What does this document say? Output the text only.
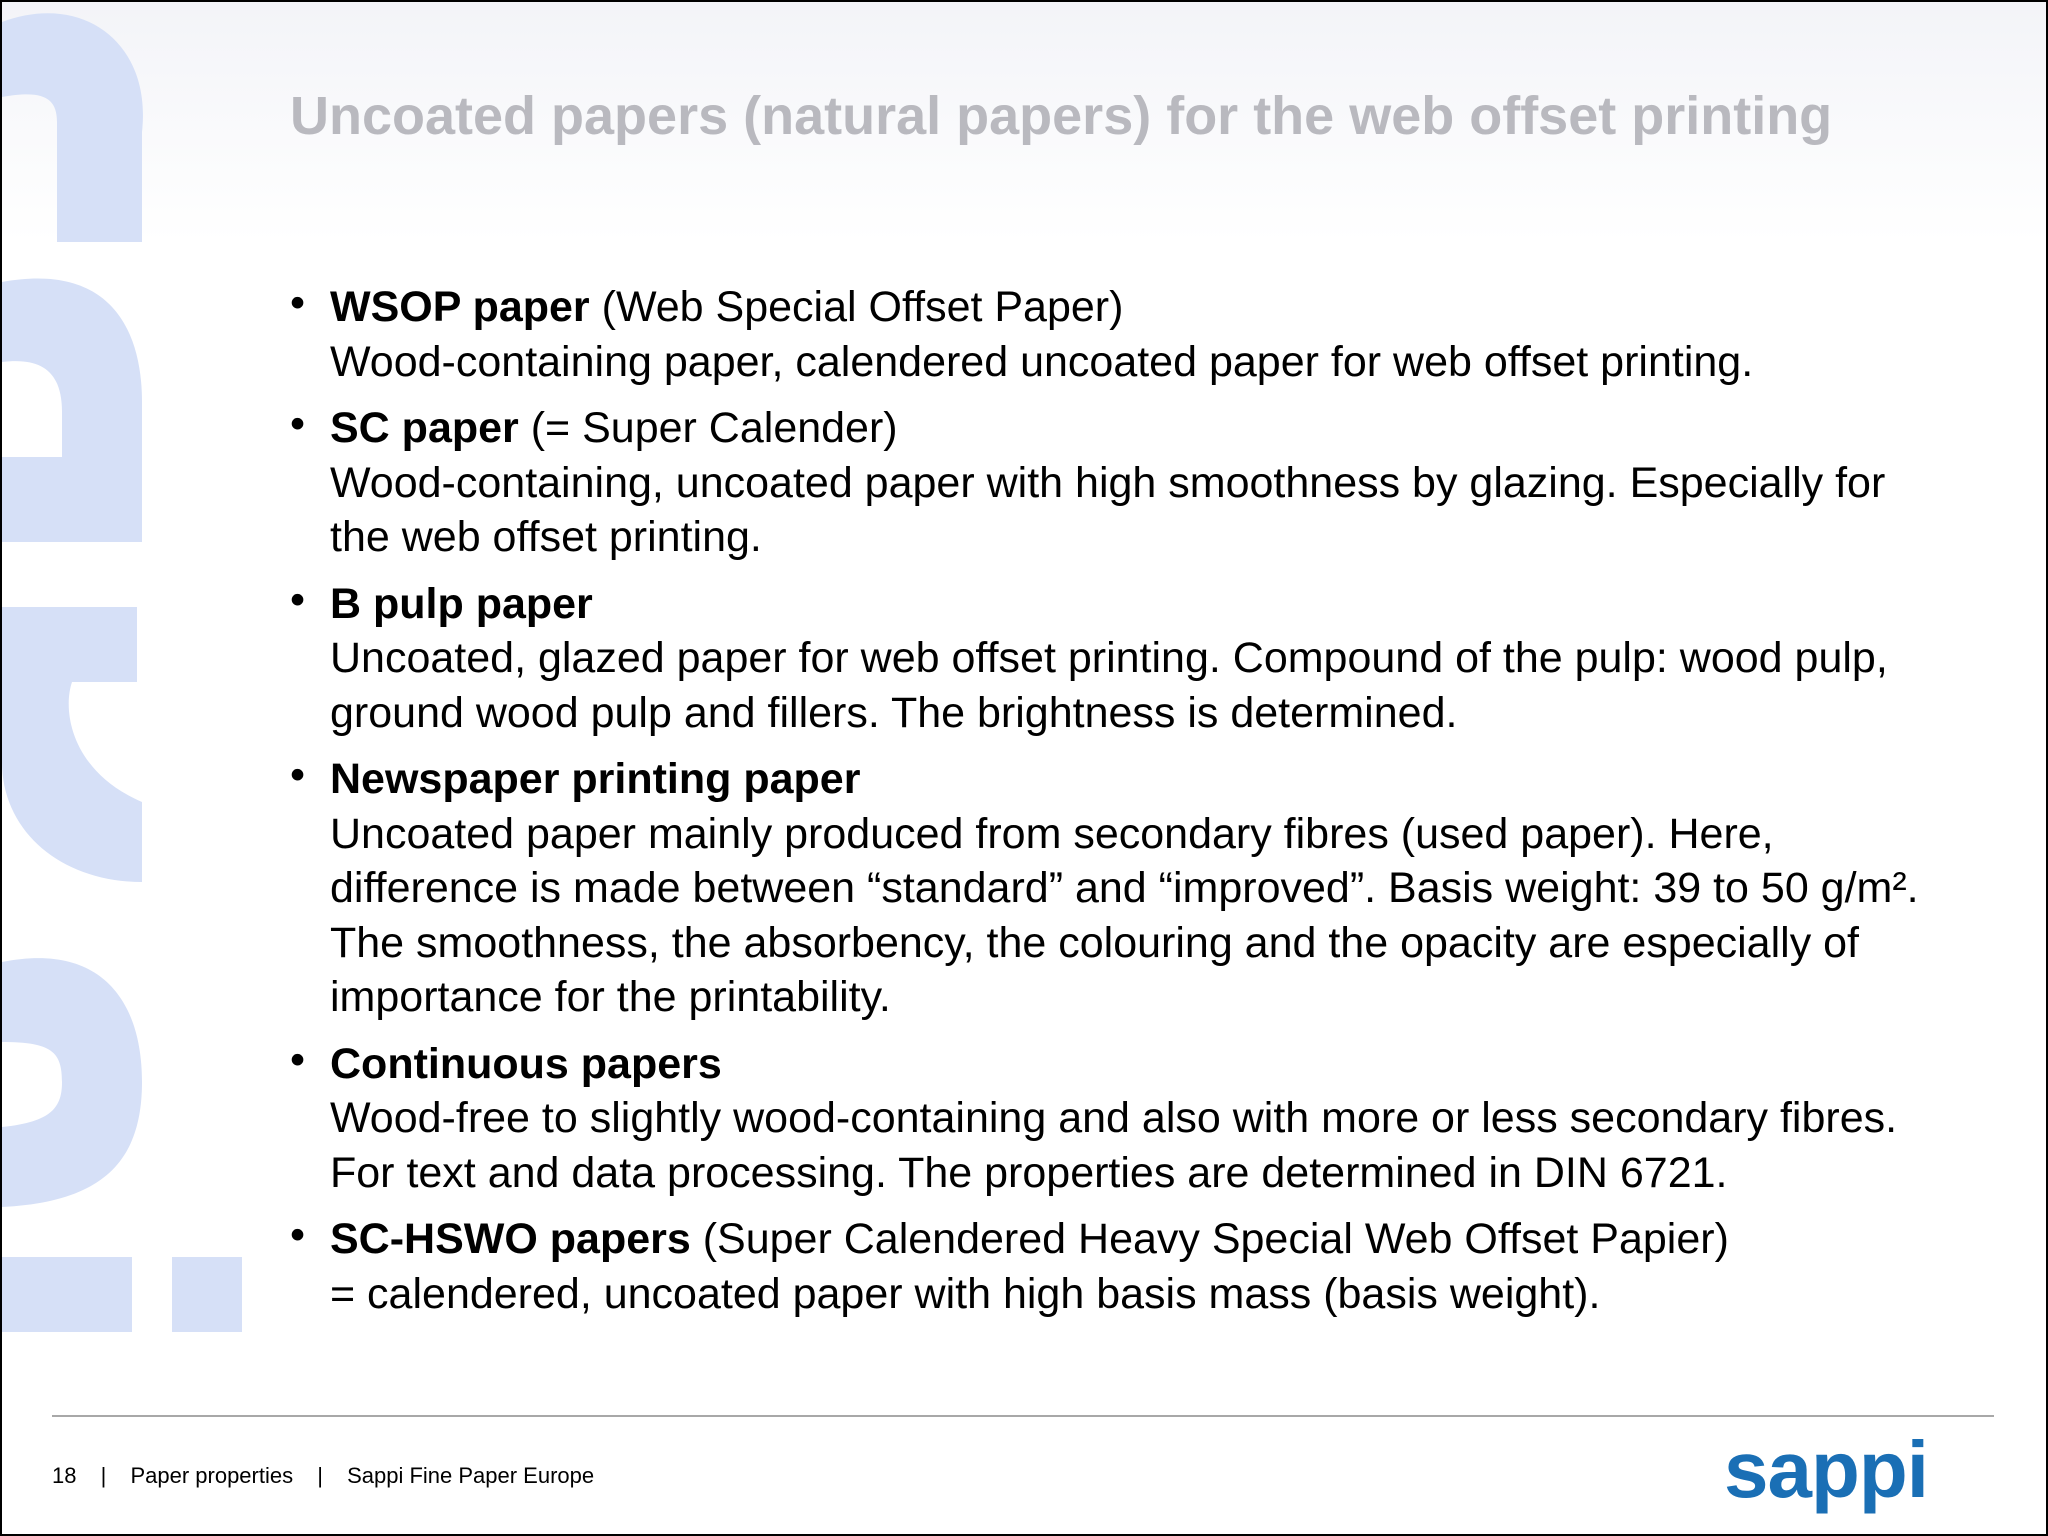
Uncoated papers (natural papers) for the web offset printing
• WSOP paper (Web Special Offset Paper)
Wood-containing paper, calendered uncoated paper for web offset printing.
• SC paper (= Super Calender)
Wood-containing, uncoated paper with high smoothness by glazing. Especially for the web offset printing.
• B pulp paper
Uncoated, glazed paper for web offset printing. Compound of the pulp: wood pulp, ground wood pulp and fillers. The brightness is determined.
• Newspaper printing paper
Uncoated paper mainly produced from secondary fibres (used paper). Here, difference is made between “standard” and “improved”. Basis weight: 39 to 50 g/m². The smoothness, the absorbency, the colouring and the opacity are especially of importance for the printability.
• Continuous papers
Wood-free to slightly wood-containing and also with more or less secondary fibres. For text and data processing. The properties are determined in DIN 6721.
• SC-HSWO papers (Super Calendered Heavy Special Web Offset Papier)
= calendered, uncoated paper with high basis mass (basis weight).
18 | Paper properties | Sappi Fine Paper Europe	sappi
